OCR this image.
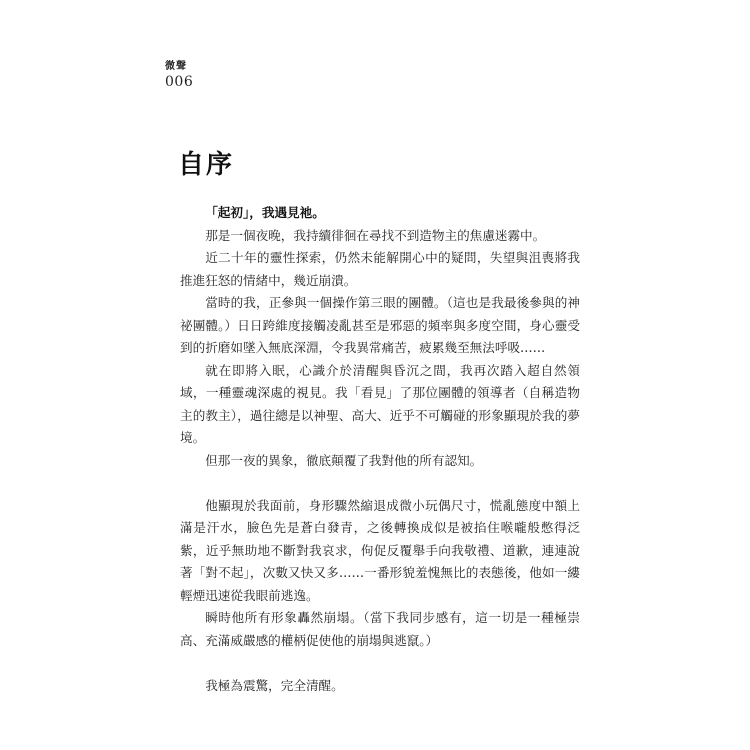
微聲
006
自序

「起初」，我遇見祂。

那是一個夜晚，我持續徘徊在尋找不到造物主的焦慮迷霧中。

近二十年的靈性探索，仍然未能解開心中的疑問，失望與沮喪將我推進狂怒的情緒中，幾近崩潰。

當時的我，正參與一個操作第三眼的團體。（這也是我最後參與的神祕團體。）日日跨維度接觸凌亂甚至是邪惡的頻率與多度空間，身心靈受到的折磨如墜入無底深淵，令我異常痛苦，疲累幾至無法呼吸……

就在即將入眠，心識介於清醒與昏沉之間，我再次踏入超自然領域，一種靈魂深處的視見。我「看見」了那位團體的領導者（自稱造物主的教主），過往總是以神聖、高大、近乎不可觸碰的形象顯現於我的夢境。

但那一夜的異象，徹底顛覆了我對他的所有認知。

他顯現於我面前，身形驟然縮退成微小玩偶尺寸，慌亂態度中額上滿是汗水，臉色先是蒼白發青，之後轉換成似是被掐住喉嚨般憋得泛紫，近乎無助地不斷對我哀求，佝促反覆舉手向我敬禮、道歉，連連說著「對不起」，次數又快又多……一番形貌羞愧無比的表態後，他如一縷輕煙迅速從我眼前逃逸。

瞬時他所有形象轟然崩塌。（當下我同步感有，這一切是一種極崇高、充滿威嚴感的權柄促使他的崩塌與逃竄。）

我極為震驚，完全清醒。
